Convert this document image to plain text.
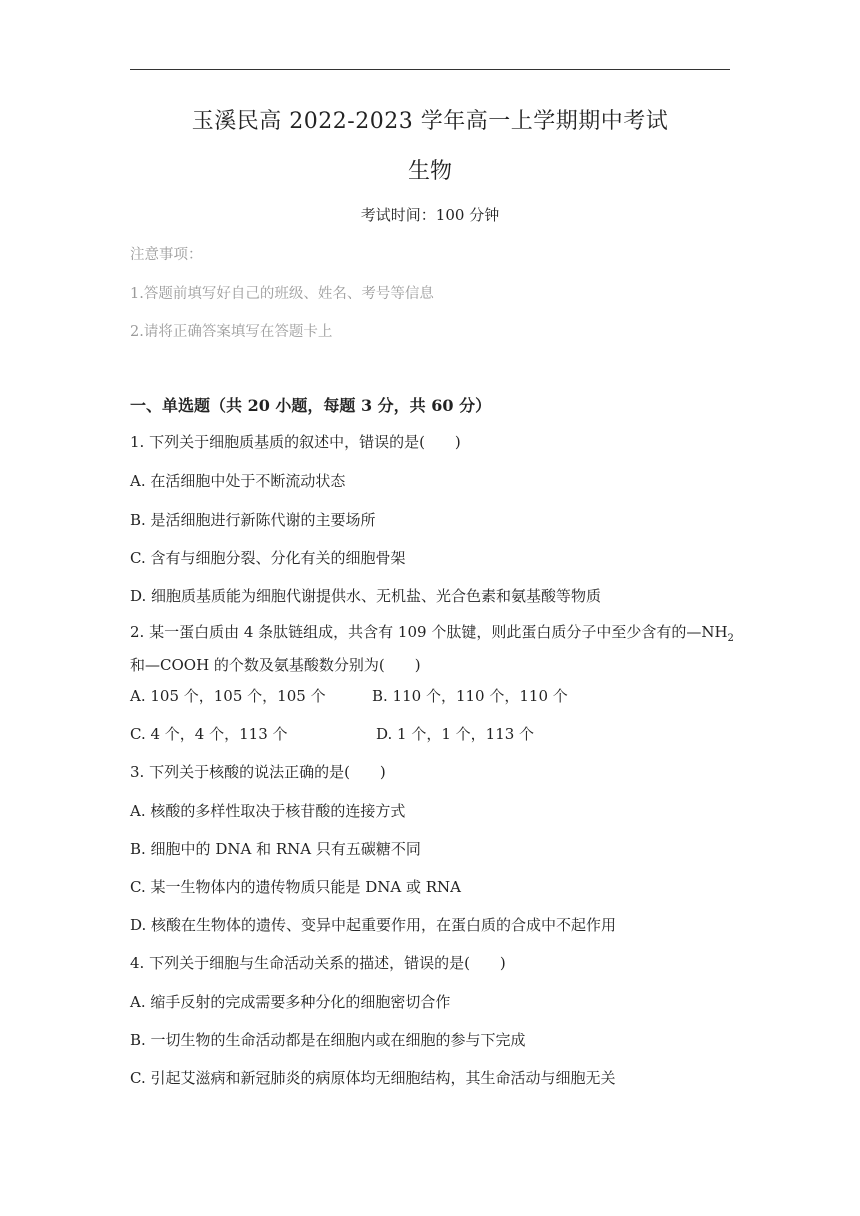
玉溪民高 2022-2023 学年高一上学期期中考试
生物
考试时间：100 分钟
注意事项：
1.答题前填写好自己的班级、姓名、考号等信息
2.请将正确答案填写在答题卡上
一、单选题（共 20 小题，每题 3 分，共 60 分）
1. 下列关于细胞质基质的叙述中，错误的是(　　)
A. 在活细胞中处于不断流动状态
B. 是活细胞进行新陈代谢的主要场所
C. 含有与细胞分裂、分化有关的细胞骨架
D. 细胞质基质能为细胞代谢提供水、无机盐、光合色素和氨基酸等物质
2. 某一蛋白质由 4 条肽链组成，共含有 109 个肽键，则此蛋白质分子中至少含有的$—NH_2$
和—COOH 的个数及氨基酸数分别为(　　)
A. 105 个，105 个，105 个	B. 110 个，110 个，110 个
C. 4 个，4 个，113 个	D. 1 个，1 个，113 个
3. 下列关于核酸的说法正确的是(　　)
A. 核酸的多样性取决于核苷酸的连接方式
B. 细胞中的 DNA 和 RNA 只有五碳糖不同
C. 某一生物体内的遗传物质只能是 DNA 或 RNA
D. 核酸在生物体的遗传、变异中起重要作用，在蛋白质的合成中不起作用
4. 下列关于细胞与生命活动关系的描述，错误的是(　　)
A. 缩手反射的完成需要多种分化的细胞密切合作
B. 一切生物的生命活动都是在细胞内或在细胞的参与下完成
C. 引起艾滋病和新冠肺炎的病原体均无细胞结构，其生命活动与细胞无关
